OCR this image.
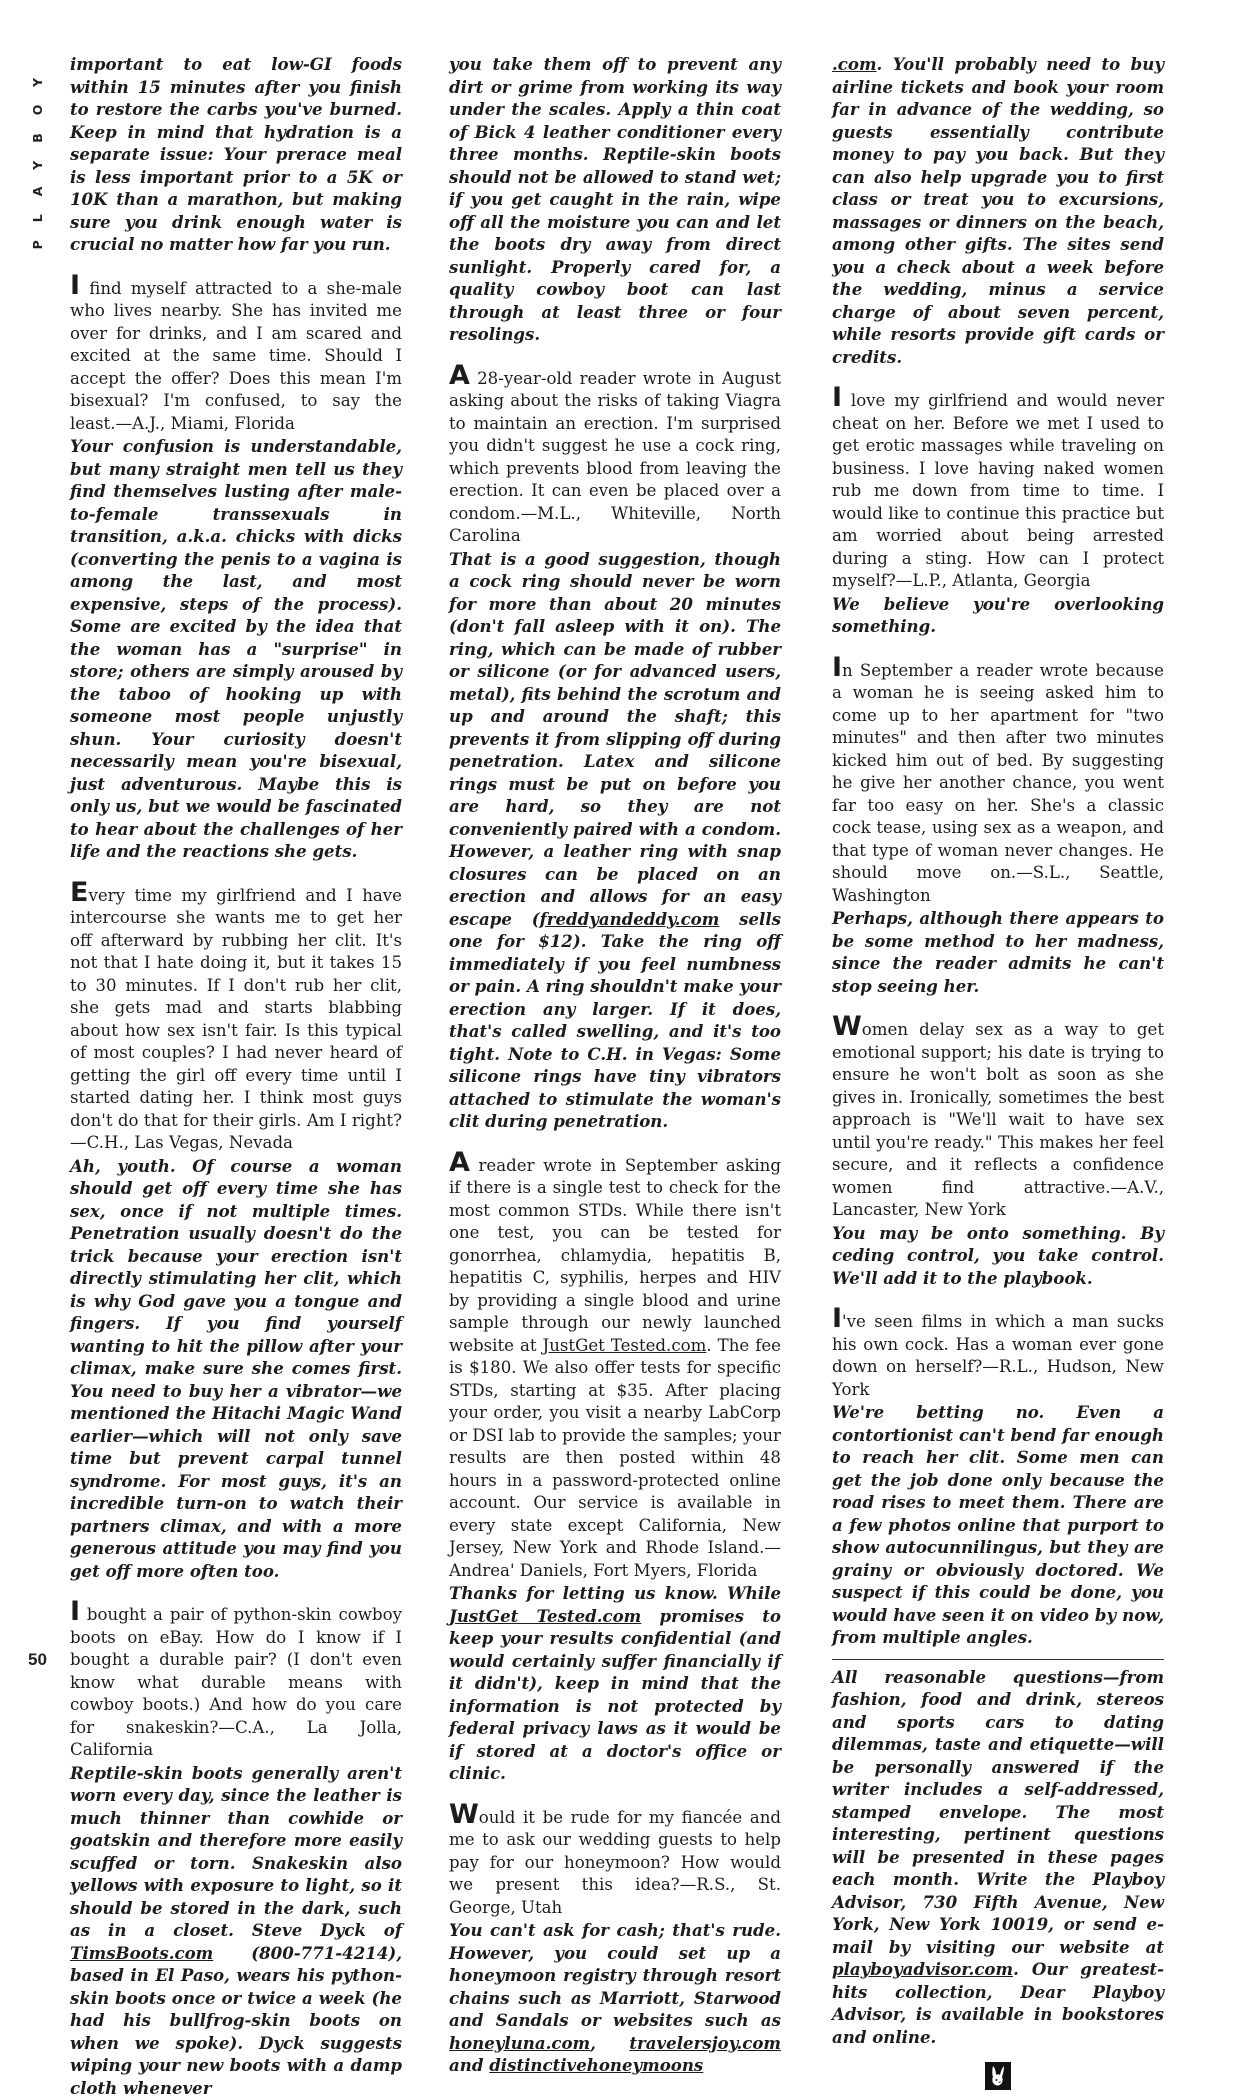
PLAYBOY
50

important to eat low-GI foods within 15 minutes after you finish to restore the carbs you've burned. Keep in mind that hydration is a separate issue: Your prerace meal is less important prior to a 5K or 10K than a marathon, but making sure you drink enough water is crucial no matter how far you run.

I find myself attracted to a she-male who lives nearby. She has invited me over for drinks, and I am scared and excited at the same time. Should I accept the offer? Does this mean I'm bisexual? I'm confused, to say the least.—A.J., Miami, Florida

Your confusion is understandable, but many straight men tell us they find themselves lusting after male-to-female transsexuals in transition, a.k.a. chicks with dicks (converting the penis to a vagina is among the last, and most expensive, steps of the process). Some are excited by the idea that the woman has a "surprise" in store; others are simply aroused by the taboo of hooking up with someone most people unjustly shun. Your curiosity doesn't necessarily mean you're bisexual, just adventurous. Maybe this is only us, but we would be fascinated to hear about the challenges of her life and the reactions she gets.

Every time my girlfriend and I have intercourse she wants me to get her off afterward by rubbing her clit. It's not that I hate doing it, but it takes 15 to 30 minutes. If I don't rub her clit, she gets mad and starts blabbing about how sex isn't fair. Is this typical of most couples? I had never heard of getting the girl off every time until I started dating her. I think most guys don't do that for their girls. Am I right?—C.H., Las Vegas, Nevada

Ah, youth. Of course a woman should get off every time she has sex, once if not multiple times. Penetration usually doesn't do the trick because your erection isn't directly stimulating her clit, which is why God gave you a tongue and fingers. If you find yourself wanting to hit the pillow after your climax, make sure she comes first. You need to buy her a vibrator—we mentioned the Hitachi Magic Wand earlier—which will not only save time but prevent carpal tunnel syndrome. For most guys, it's an incredible turn-on to watch their partners climax, and with a more generous attitude you may find you get off more often too.

I bought a pair of python-skin cowboy boots on eBay. How do I know if I bought a durable pair? (I don't even know what durable means with cowboy boots.) And how do you care for snakeskin?—C.A., La Jolla, California

Reptile-skin boots generally aren't worn every day, since the leather is much thinner than cowhide or goatskin and therefore more easily scuffed or torn. Snakeskin also yellows with exposure to light, so it should be stored in the dark, such as in a closet. Steve Dyck of TimsBoots.com (800-771-4214), based in El Paso, wears his python-skin boots once or twice a week (he had his bullfrog-skin boots on when we spoke). Dyck suggests wiping your new boots with a damp cloth whenever

you take them off to prevent any dirt or grime from working its way under the scales. Apply a thin coat of Bick 4 leather conditioner every three months. Reptile-skin boots should not be allowed to stand wet; if you get caught in the rain, wipe off all the moisture you can and let the boots dry away from direct sunlight. Properly cared for, a quality cowboy boot can last through at least three or four resolings.

A 28-year-old reader wrote in August asking about the risks of taking Viagra to maintain an erection. I'm surprised you didn't suggest he use a cock ring, which prevents blood from leaving the erection. It can even be placed over a condom.—M.L., Whiteville, North Carolina

That is a good suggestion, though a cock ring should never be worn for more than about 20 minutes (don't fall asleep with it on). The ring, which can be made of rubber or silicone (or for advanced users, metal), fits behind the scrotum and up and around the shaft; this prevents it from slipping off during penetration. Latex and silicone rings must be put on before you are hard, so they are not conveniently paired with a condom. However, a leather ring with snap closures can be placed on an erection and allows for an easy escape (freddyandeddy.com sells one for $12). Take the ring off immediately if you feel numbness or pain. A ring shouldn't make your erection any larger. If it does, that's called swelling, and it's too tight. Note to C.H. in Vegas: Some silicone rings have tiny vibrators attached to stimulate the woman's clit during penetration.

A reader wrote in September asking if there is a single test to check for the most common STDs. While there isn't one test, you can be tested for gonorrhea, chlamydia, hepatitis B, hepatitis C, syphilis, herpes and HIV by providing a single blood and urine sample through our newly launched website at JustGet Tested.com. The fee is $180. We also offer tests for specific STDs, starting at $35. After placing your order, you visit a nearby LabCorp or DSI lab to provide the samples; your results are then posted within 48 hours in a password-protected online account. Our service is available in every state except California, New Jersey, New York and Rhode Island.—Andrea' Daniels, Fort Myers, Florida

Thanks for letting us know. While JustGet Tested.com promises to keep your results confidential (and would certainly suffer financially if it didn't), keep in mind that the information is not protected by federal privacy laws as it would be if stored at a doctor's office or clinic.

Would it be rude for my fiancée and me to ask our wedding guests to help pay for our honeymoon? How would we present this idea?—R.S., St. George, Utah

You can't ask for cash; that's rude. However, you could set up a honeymoon registry through resort chains such as Marriott, Starwood and Sandals or websites such as honeyluna.com, travelersjoy.com and distinctivehoneymoons

.com. You'll probably need to buy airline tickets and book your room far in advance of the wedding, so guests essentially contribute money to pay you back. But they can also help upgrade you to first class or treat you to excursions, massages or dinners on the beach, among other gifts. The sites send you a check about a week before the wedding, minus a service charge of about seven percent, while resorts provide gift cards or credits.

I love my girlfriend and would never cheat on her. Before we met I used to get erotic massages while traveling on business. I love having naked women rub me down from time to time. I would like to continue this practice but am worried about being arrested during a sting. How can I protect myself?—L.P., Atlanta, Georgia

We believe you're overlooking something.

In September a reader wrote because a woman he is seeing asked him to come up to her apartment for "two minutes" and then after two minutes kicked him out of bed. By suggesting he give her another chance, you went far too easy on her. She's a classic cock tease, using sex as a weapon, and that type of woman never changes. He should move on.—S.L., Seattle, Washington

Perhaps, although there appears to be some method to her madness, since the reader admits he can't stop seeing her.

Women delay sex as a way to get emotional support; his date is trying to ensure he won't bolt as soon as she gives in. Ironically, sometimes the best approach is "We'll wait to have sex until you're ready." This makes her feel secure, and it reflects a confidence women find attractive.—A.V., Lancaster, New York

You may be onto something. By ceding control, you take control. We'll add it to the playbook.

I've seen films in which a man sucks his own cock. Has a woman ever gone down on herself?—R.L., Hudson, New York

We're betting no. Even a contortionist can't bend far enough to reach her clit. Some men can get the job done only because the road rises to meet them. There are a few photos online that purport to show autocunnilingus, but they are grainy or obviously doctored. We suspect if this could be done, you would have seen it on video by now, from multiple angles.

All reasonable questions—from fashion, food and drink, stereos and sports cars to dating dilemmas, taste and etiquette—will be personally answered if the writer includes a self-addressed, stamped envelope. The most interesting, pertinent questions will be presented in these pages each month. Write the Playboy Advisor, 730 Fifth Avenue, New York, New York 10019, or send e-mail by visiting our website at playboyadvisor.com. Our greatest-hits collection, Dear Playboy Advisor, is available in bookstores and online.
